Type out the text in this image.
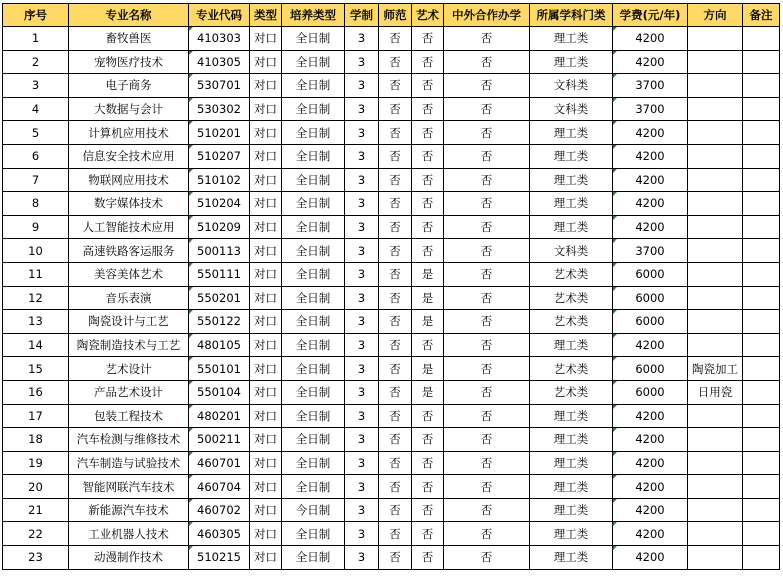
序号	专业名称	专业代码	类型	培养类型	学制	师范	艺术	中外合作办学	所属学科门类	学费(元/年)	方向	备注
1	畜牧兽医	410303	对口	全日制	3	否	否	否	理工类	4200		
2	宠物医疗技术	410305	对口	全日制	3	否	否	否	理工类	4200		
3	电子商务	530701	对口	全日制	3	否	否	否	文科类	3700		
4	大数据与会计	530302	对口	全日制	3	否	否	否	文科类	3700		
5	计算机应用技术	510201	对口	全日制	3	否	否	否	理工类	4200		
6	信息安全技术应用	510207	对口	全日制	3	否	否	否	理工类	4200		
7	物联网应用技术	510102	对口	全日制	3	否	否	否	理工类	4200		
8	数字媒体技术	510204	对口	全日制	3	否	否	否	理工类	4200		
9	人工智能技术应用	510209	对口	全日制	3	否	否	否	理工类	4200		
10	高速铁路客运服务	500113	对口	全日制	3	否	否	否	文科类	3700		
11	美容美体艺术	550111	对口	全日制	3	否	是	否	艺术类	6000		
12	音乐表演	550201	对口	全日制	3	否	是	否	艺术类	6000		
13	陶瓷设计与工艺	550122	对口	全日制	3	否	是	否	艺术类	6000		
14	陶瓷制造技术与工艺	480105	对口	全日制	3	否	否	否	理工类	4200		
15	艺术设计	550101	对口	全日制	3	否	是	否	艺术类	6000	陶瓷加工	
16	产品艺术设计	550104	对口	全日制	3	否	是	否	艺术类	6000	日用瓷	
17	包装工程技术	480201	对口	全日制	3	否	否	否	理工类	4200		
18	汽车检测与维修技术	500211	对口	全日制	3	否	否	否	理工类	4200		
19	汽车制造与试验技术	460701	对口	全日制	3	否	否	否	理工类	4200		
20	智能网联汽车技术	460704	对口	全日制	3	否	否	否	理工类	4200		
21	新能源汽车技术	460702	对口	今日制	3	否	否	否	理工类	4200		
22	工业机器人技术	460305	对口	全日制	3	否	否	否	理工类	4200		
23	动漫制作技术	510215	对口	全日制	3	否	否	否	理工类	4200		
